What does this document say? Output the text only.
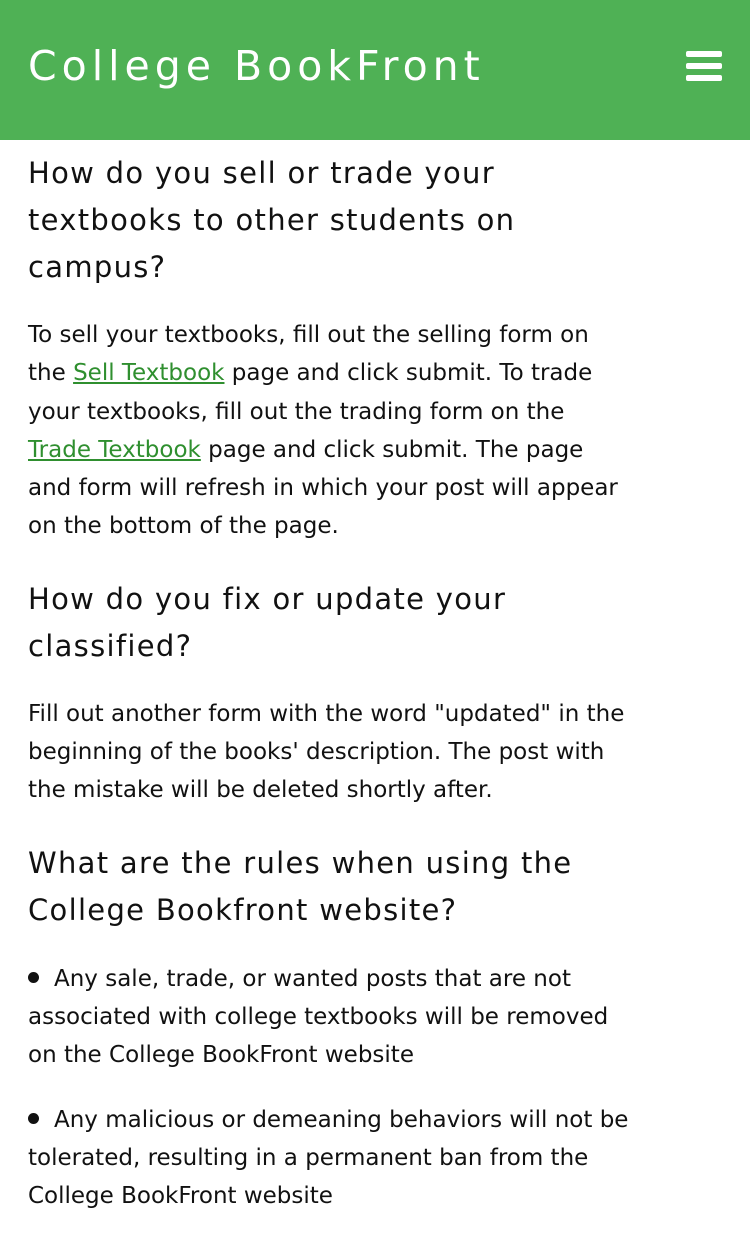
College BookFront
How do you sell or trade your textbooks to other students on campus?

To sell your textbooks, fill out the selling form on the Sell Textbook page and click submit. To trade your textbooks, fill out the trading form on the Trade Textbook page and click submit. The page and form will refresh in which your post will appear on the bottom of the page.

How do you fix or update your classified?

Fill out another form with the word "updated" in the beginning of the books' description. The post with the mistake will be deleted shortly after.

What are the rules when using the College Bookfront website?
Any sale, trade, or wanted posts that are not associated with college textbooks will be removed on the College BookFront website
Any malicious or demeaning behaviors will not be tolerated, resulting in a permanent ban from the College BookFront website
